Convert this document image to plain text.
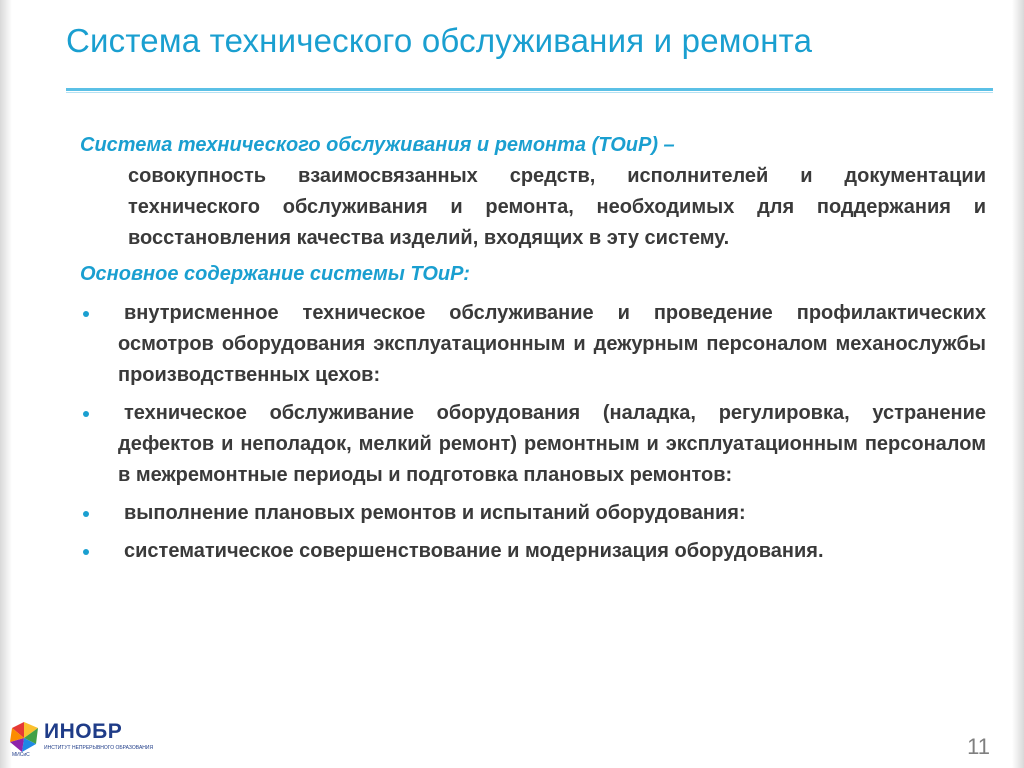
Система технического обслуживания и ремонта
Система технического обслуживания и ремонта (ТОиР) –
совокупность взаимосвязанных средств, исполнителей и документации технического обслуживания и ремонта, необходимых для поддержания и восстановления качества изделий, входящих в эту систему.
Основное содержание системы ТОиР:
внутрисменное техническое обслуживание и проведение профилактических осмотров оборудования эксплуатационным и дежурным персоналом механослужбы производственных цехов:
техническое обслуживание оборудования (наладка, регулировка, устранение дефектов и неполадок, мелкий ремонт) ремонтным и эксплуатационным персоналом в межремонтные периоды и подготовка плановых ремонтов:
выполнение плановых ремонтов и испытаний оборудования:
систематическое совершенствование и модернизация оборудования.
МИСиС
ИНОБР
ИНСТИТУТ НЕПРЕРЫВНОГО ОБРАЗОВАНИЯ	11
